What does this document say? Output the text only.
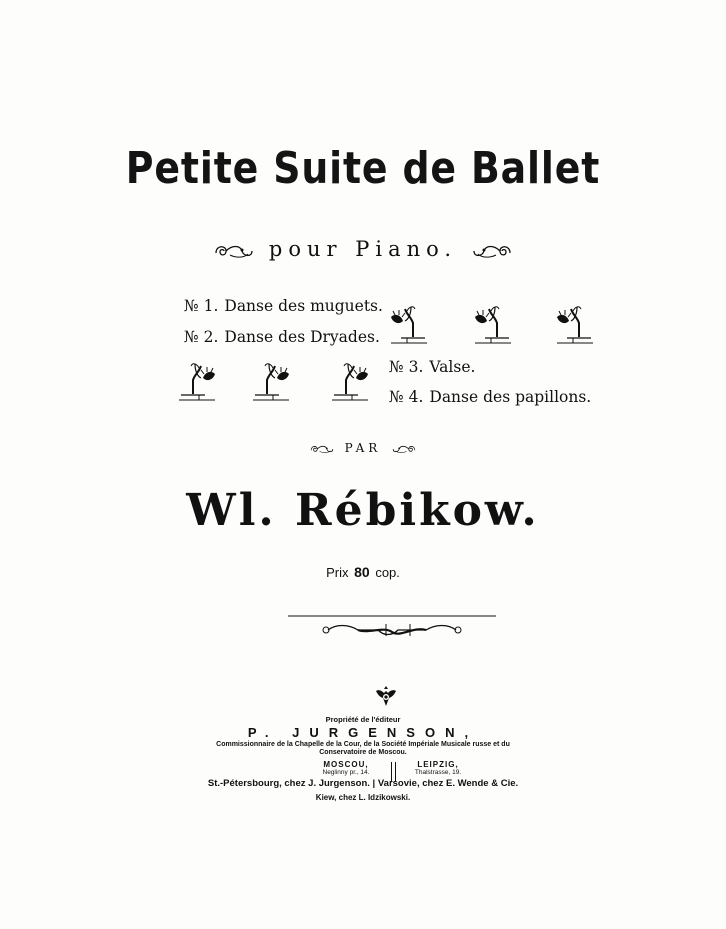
Petite Suite de Ballet
pour Piano.
№ 1. Danse des muguets.
№ 2. Danse des Dryades.
№ 3. Valse.
№ 4. Danse des papillons.
PAR
Wl. Rébikow.
Prix 80 cop.
Propriété de l'éditeur
P. JURGENSON,
Commissionnaire de la Chapelle de la Cour, de la Société Impériale Musicale russe et du
Conservatoire de Moscou.
MOSCOU,
Neglinny pr., 14.
LEIPZIG,
Thalstrasse, 19.
St.-Pétersbourg, chez J. Jurgenson. | Varsovie, chez E. Wende & Cie.
Kiew, chez L. Idzikowski.
